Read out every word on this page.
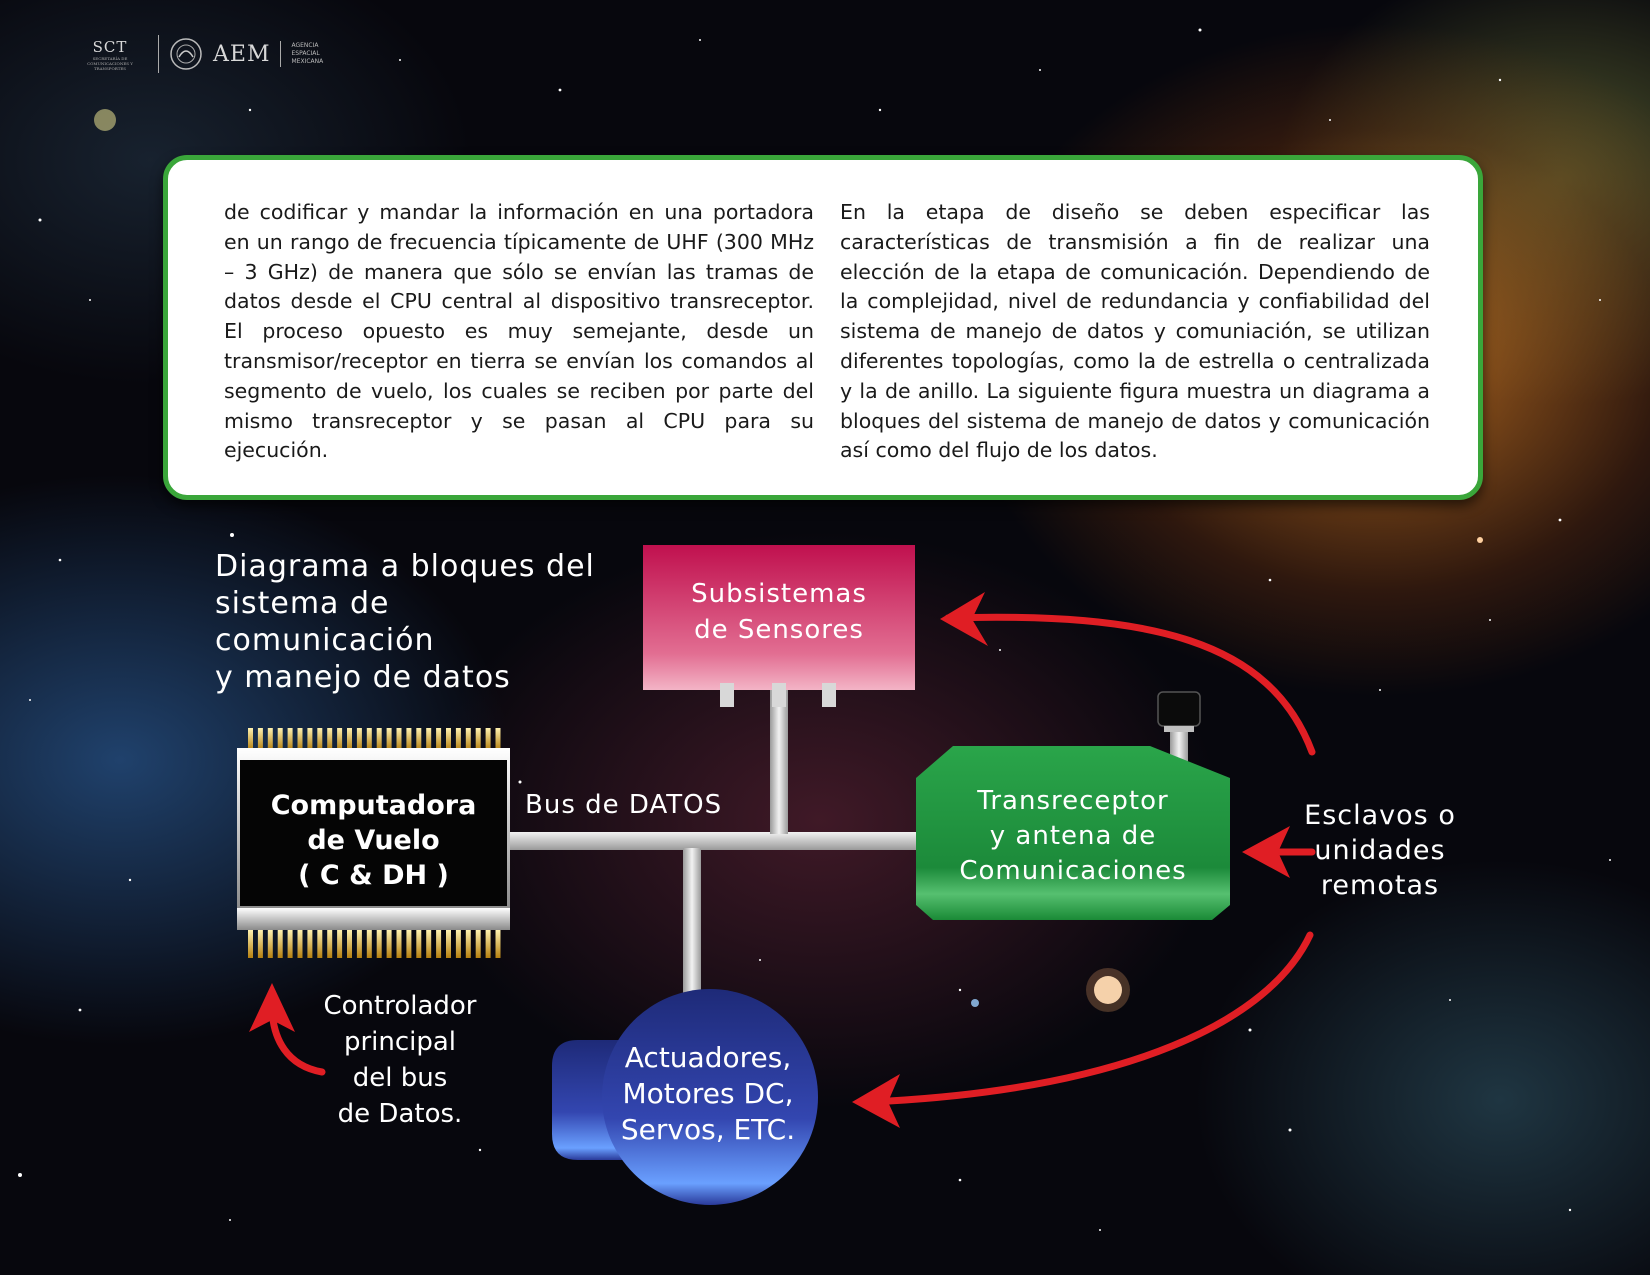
SCT
SECRETARÍA DE COMUNICACIONES Y TRANSPORTES
AEM	AGENCIA
ESPACIAL
MEXICANA
de codificar y mandar la información en una portadora en un rango de frecuencia típicamente de UHF (300 MHz – 3 GHz) de manera que sólo se envían las tramas de datos desde el CPU central al dispositivo transreceptor. El proceso opuesto es muy semejante, desde un transmisor/receptor en tierra se envían los comandos al segmento de vuelo, los cuales se reciben por parte del mismo transreceptor y se pasan al CPU para su ejecución.
En la etapa de diseño se deben especificar las características de transmisión a fin de realizar una elección de la etapa de comunicación. Dependiendo de la complejidad, nivel de redundancia y confiabilidad del sistema de manejo de datos y comuniación, se utilizan diferentes topologías, como la de estrella o centralizada y la de anillo. La siguiente figura muestra un diagrama a bloques del sistema de manejo de datos y comunicación así como del flujo de los datos.
Diagrama a bloques del
sistema de comunicación
y manejo de datos
Subsistemas
de Sensores
Computadora
de Vuelo
( C & DH )
Bus de DATOS	Transreceptor
y antena de
Comunicaciones
Actuadores,
Motores DC,
Servos, ETC.
Controlador
principal
del bus
de Datos.
Esclavos o
unidades
remotas
